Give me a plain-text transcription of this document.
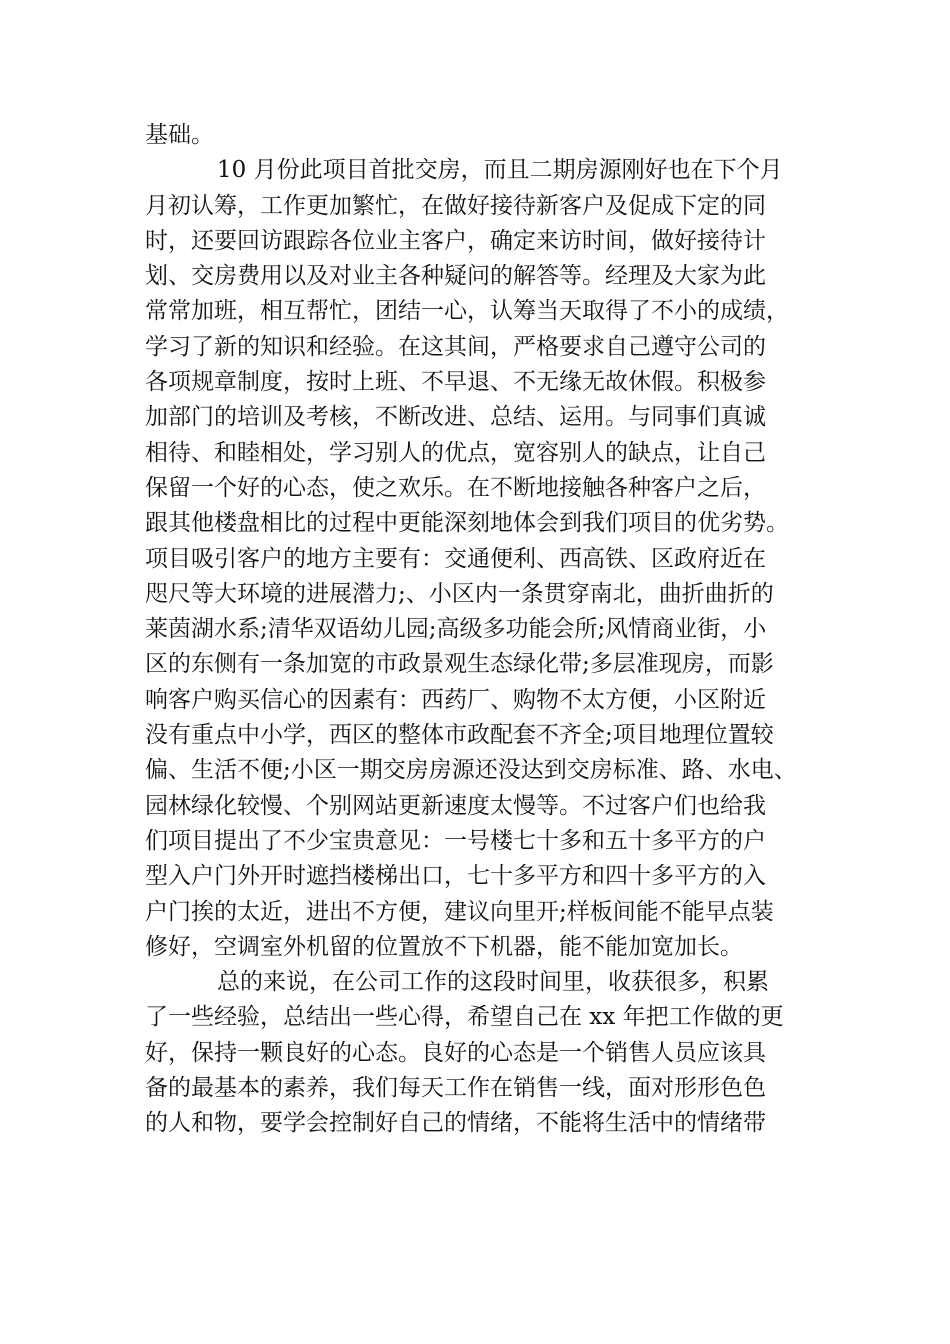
基础。
10 月份此项目首批交房，而且二期房源刚好也在下个月
月初认筹，工作更加繁忙，在做好接待新客户及促成下定的同
时，还要回访跟踪各位业主客户，确定来访时间，做好接待计
划、交房费用以及对业主各种疑问的解答等。经理及大家为此
常常加班，相互帮忙，团结一心，认筹当天取得了不小的成绩，
学习了新的知识和经验。在这其间，严格要求自己遵守公司的
各项规章制度，按时上班、不早退、不无缘无故休假。积极参
加部门的培训及考核，不断改进、总结、运用。与同事们真诚
相待、和睦相处，学习别人的优点，宽容别人的缺点，让自己
保留一个好的心态，使之欢乐。在不断地接触各种客户之后，
跟其他楼盘相比的过程中更能深刻地体会到我们项目的优劣势。
项目吸引客户的地方主要有：交通便利、西高铁、区政府近在
咫尺等大环境的进展潜力;、小区内一条贯穿南北，曲折曲折的
莱茵湖水系;清华双语幼儿园;高级多功能会所;风情商业街，小
区的东侧有一条加宽的市政景观生态绿化带;多层准现房，而影
响客户购买信心的因素有：西药厂、购物不太方便，小区附近
没有重点中小学，西区的整体市政配套不齐全;项目地理位置较
偏、生活不便;小区一期交房房源还没达到交房标准、路、水电、
园林绿化较慢、个别网站更新速度太慢等。不过客户们也给我
们项目提出了不少宝贵意见：一号楼七十多和五十多平方的户
型入户门外开时遮挡楼梯出口，七十多平方和四十多平方的入
户门挨的太近，进出不方便，建议向里开;样板间能不能早点装
修好，空调室外机留的位置放不下机器，能不能加宽加长。
总的来说，在公司工作的这段时间里，收获很多，积累
了一些经验，总结出一些心得，希望自己在 xx 年把工作做的更
好，保持一颗良好的心态。良好的心态是一个销售人员应该具
备的最基本的素养，我们每天工作在销售一线，面对形形色色
的人和物，要学会控制好自己的情绪，不能将生活中的情绪带
